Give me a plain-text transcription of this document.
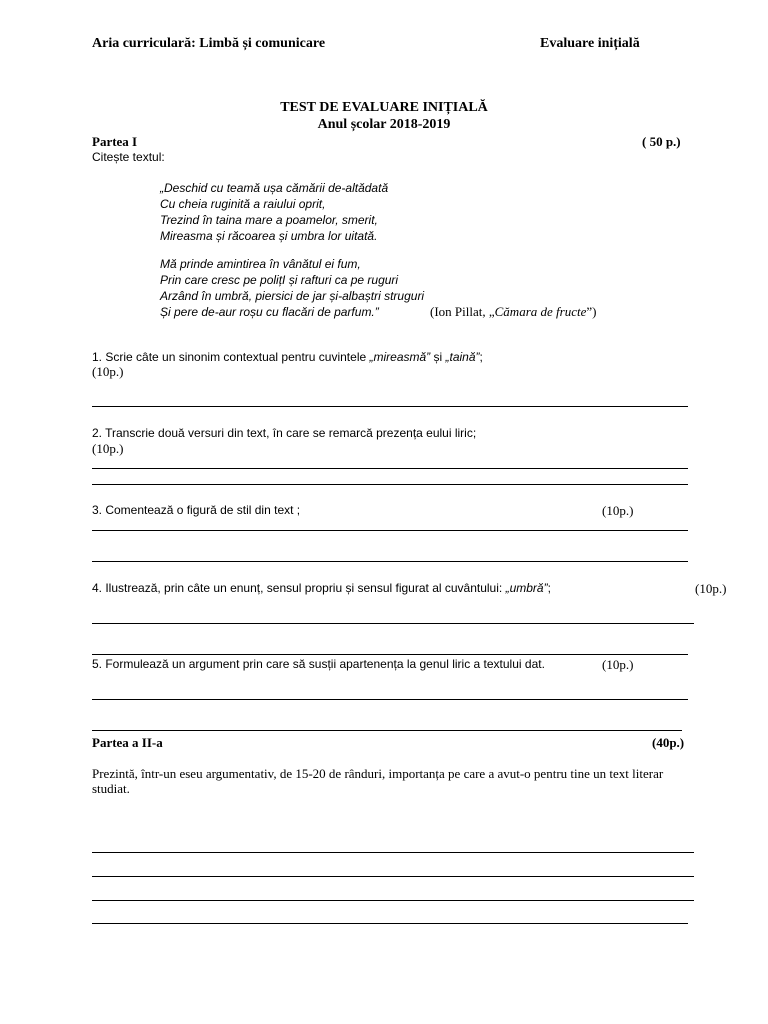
Aria curriculară: Limbă și comunicare	Evaluare inițială
TEST DE EVALUARE INIȚIALĂ
Anul școlar 2018-2019
Partea I	( 50 p.)
Citește textul:
„Deschid cu teamă ușa cămării de-altădată
Cu cheia ruginită a raiului oprit,
Trezind în taina mare a poamelor, smerit,
Mireasma și răcoarea și umbra lor uitată.
Mă prinde amintirea în vânătul ei fum,
Prin care cresc pe polițI și rafturi ca pe ruguri
Arzând în umbră, piersici de jar și-albaștri struguri
Și pere de-aur roșu cu flacări de parfum.”	(Ion Pillat, „Cămara de fructe”)
1. Scrie câte un sinonim contextual pentru cuvintele „mireasmă” și „taină”;
(10p.)
2. Transcrie două versuri din text, în care se remarcă prezența eului liric;
(10p.)
3. Comentează o figură de stil din text ;	(10p.)
4. Ilustrează, prin câte un enunț, sensul propriu și sensul figurat al cuvântului: „umbră”;	(10p.)
5. Formulează un argument prin care să susții apartenența la genul liric a textului dat.	(10p.)
Partea a II-a	(40p.)
Prezintă, într-un eseu argumentativ, de 15-20 de rânduri, importanța pe care a avut-o pentru tine un text literar
studiat.
